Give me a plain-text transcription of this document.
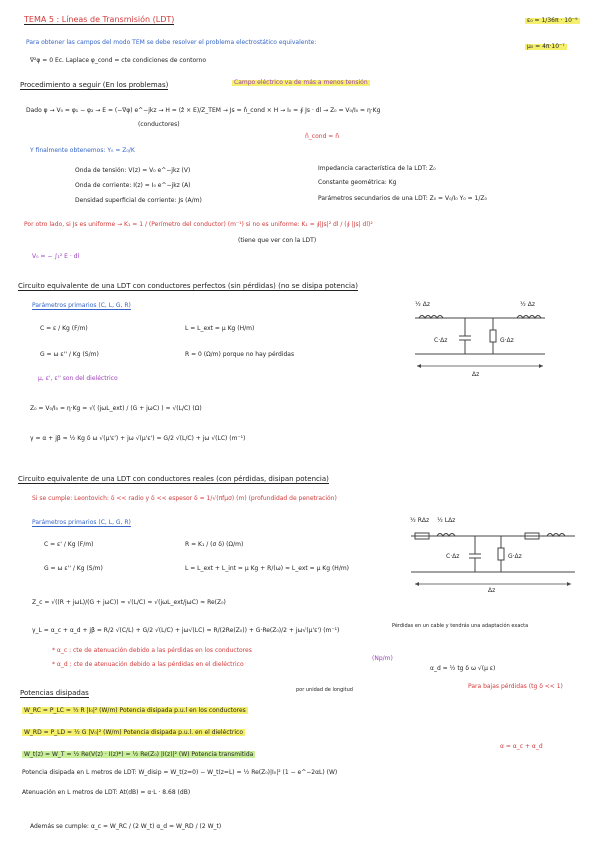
TEMA 5 : Líneas de Transmisión (LDT)	ε₀ = 1/36π · 10⁻⁹
μ₀ = 4π·10⁻⁷
Para obtener las campos del modo TEM se debe resolver el problema electrostático equivalente:
∇²φ = 0 Ec. Laplace φ_cond = cte condiciones de contorno
Procedimiento a seguir (En los problemas)	Campo eléctrico va de más a menos tensión
Dado φ → V₀ = φ₁ − φ₂ → E = (−∇φ) e^−jkz → H = (ẑ × E)/Z_TEM → Js = n̂_cond × H → I₀ = ∮ Js · dl → Z₀ = V₀/I₀ = η·Kg
(conductores)
n̂_cond = ñ
Y finalmente obtenemos: Y₀ = Z₀/K
Onda de tensión: V(z) = V₀ e^−jkz (V)
Onda de corriente: I(z) = I₀ e^−jkz (A)
Densidad superficial de corriente: Js (A/m)
Impedancia característica de la LDT: Z₀
Constante geométrica: Kg
Parámetros secundarios de una LDT: Z₀ = V₀/I₀ Y₀ = 1/Z₀
Por otro lado, si Js es uniforme → K₁ = 1 / (Perímetro del conductor) (m⁻¹) si no es uniforme: K₁ = ∮|Js|² dl / (∮ |Js| dl)²
(tiene que ver con la LDT)
V₀ = − ∫₁² E · dl
Circuito equivalente de una LDT con conductores perfectos (sin pérdidas) (no se disipa potencia)
Parámetros primarios (C, L, G, R)
C = ε / Kg (F/m)	L = L_ext = μ Kg (H/m)
G = ω ε'' / Kg (S/m)	R = 0 (Ω/m) porque no hay pérdidas
μ, ε', ε'' son del dieléctrico
Z₀ = V₀/I₀ = η·Kg = √( (jωL_ext) / (G + jωC) ) ≈ √(L/C) (Ω)
γ = α + jβ ≈ ½ Kg δ ω √(μ'ε') + jω √(μ'ε') = G/2 √(L/C) + jω √(LC) (m⁻¹)
½ Δz	½ Δz
C·Δz	G·Δz
Δz
Circuito equivalente de una LDT con conductores reales (con pérdidas, disipan potencia)
Si se cumple: Leontovich: δ << radio y δ << espesor δ = 1/√(πfμσ) (m) (profundidad de penetración)
Parámetros primarios (C, L, G, R)
C = ε' / Kg (F/m)	R = K₁ / (σ δ) (Ω/m)
G = ω ε'' / Kg (S/m)	L = L_ext + L_int = μ Kg + R/(ω) ≈ L_ext = μ Kg (H/m)
Z_c = √((R + jωL)/(G + jωC)) ≈ √(L/C) ≈ √(jωL_ext/jωC) ≈ Re(Z₀)
γ_L = α_c + α_d + jβ = R/2 √(C/L) + G/2 √(L/C) + jω√(LC) ≈ R/(2Re(Z₀)) + G·Re(Z₀)/2 + jω√(μ'ε') (m⁻¹)
* α_c : cte de atenuación debido a las pérdidas en los conductores
* α_d : cte de atenuación debido a las pérdidas en el dieléctrico
(Np/m)
Pérdidas en un cable y tendrás una adaptación exacta
α_d = ½ tg δ ω √(μ ε)
Para bajas pérdidas (tg δ << 1)
½ RΔz ½ LΔz
C·Δz	G·Δz
Δz
Potencias disipadas	por unidad de longitud
W_RC = P_LC = ½ R |I₀|² (W/m) Potencia disipada p.u.l en los conductores
W_RD = P_LD = ½ G |V₀|² (W/m) Potencia disipada p.u.l. en el dieléctrico
W_t(z) = W_T = ½ Re(V(z) · I(z)*) = ½ Re(Z₀) |I(z)|² (W) Potencia transmitida
α = α_c + α_d
Potencia disipada en L metros de LDT: W_disip = W_t(z=0) − W_t(z=L) = ½ Re(Z₀)|I₀|² (1 − e^−2αL) (W)
Atenuación en L metros de LDT: At(dB) = α·L · 8.68 (dB)
Además se cumple: α_c = W_RC / (2 W_t) α_d = W_RD / (2 W_t)
